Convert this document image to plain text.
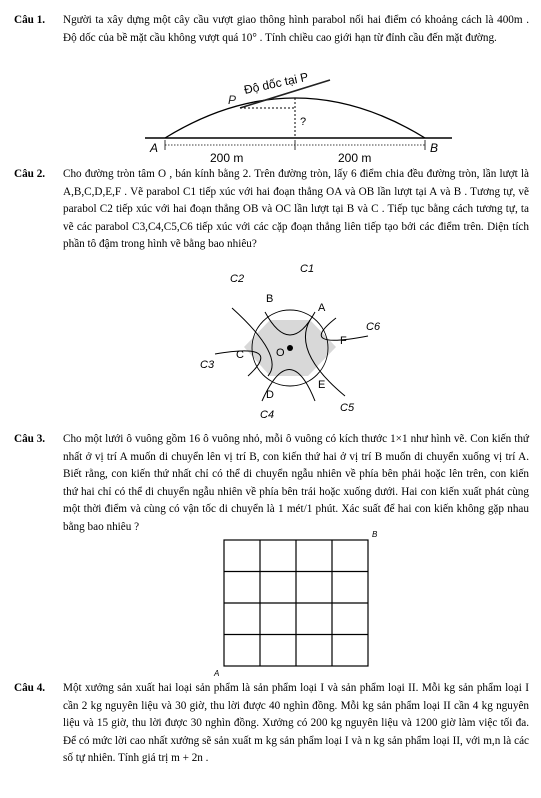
Câu 1. Người ta xây dựng một cây cầu vượt giao thông hình parabol nối hai điểm có khoảng cách là 400m . Độ dốc của bề mặt cầu không vượt quá 10° . Tính chiều cao giới hạn từ đỉnh cầu đến mặt đường.
Độ dốc tại P
P
A	B
?
200 m	200 m
Câu 2. Cho đường tròn tâm O , bán kính bằng 2. Trên đường tròn, lấy 6 điểm chia đều đường tròn, lần lượt là A,B,C,D,E,F . Vẽ parabol C1 tiếp xúc với hai đoạn thẳng OA và OB lần lượt tại A và B . Tương tự, vẽ parabol C2 tiếp xúc với hai đoạn thẳng OB và OC lần lượt tại B và C . Tiếp tục bằng cách tương tự, ta vẽ các parabol C3,C4,C5,C6 tiếp xúc với các cặp đoạn thẳng liên tiếp tạo bởi các điểm trên. Diện tích phần tô đậm trong hình vẽ bằng bao nhiêu?
C1
C2
C3
C4
C5
C6
A
B
C
D
E
F
O
Câu 3. Cho một lưới ô vuông gồm 16 ô vuông nhỏ, mỗi ô vuông có kích thước 1×1 như hình vẽ. Con kiến thứ nhất ở vị trí A muốn di chuyển lên vị trí B, con kiến thứ hai ở vị trí B muốn di chuyển xuống vị trí A. Biết rằng, con kiến thứ nhất chỉ có thể di chuyển ngẫu nhiên về phía bên phải hoặc lên trên, con kiến thứ hai chỉ có thể di chuyển ngẫu nhiên về phía bên trái hoặc xuống dưới. Hai con kiến xuất phát cùng một thời điểm và cùng có vận tốc di chuyển là 1 mét/1 phút. Xác suất để hai con kiến không gặp nhau bằng bao nhiêu ?
A
B
Câu 4. Một xưởng sản xuất hai loại sản phẩm là sản phẩm loại I và sản phẩm loại II. Mỗi kg sản phẩm loại I cần 2 kg nguyên liệu và 30 giờ, thu lời được 40 nghìn đồng. Mỗi kg sản phẩm loại II cần 4 kg nguyên liệu và 15 giờ, thu lời được 30 nghìn đồng. Xưởng có 200 kg nguyên liệu và 1200 giờ làm việc tối đa. Để có mức lời cao nhất xưởng sẽ sản xuất m kg sản phẩm loại I và n kg sản phẩm loại II, với m,n là các số tự nhiên. Tính giá trị m + 2n .
